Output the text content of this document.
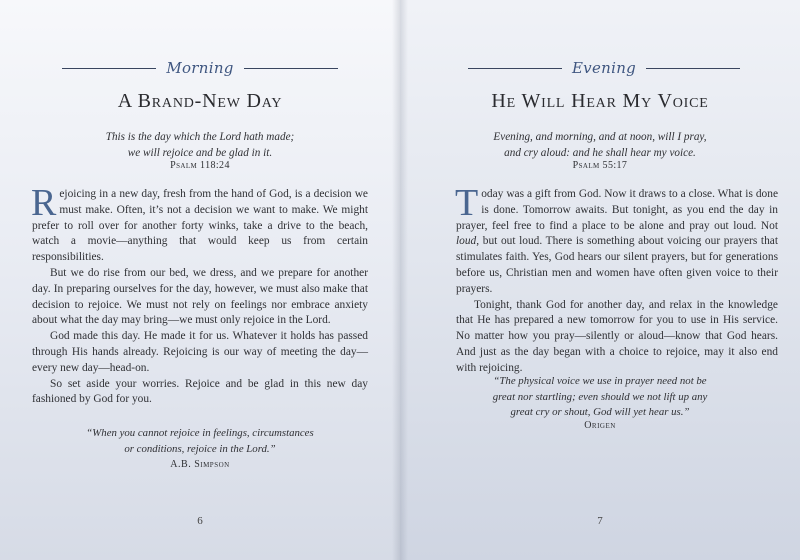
Morning
A Brand-New Day
This is the day which the Lord hath made;
we will rejoice and be glad in it.
Psalm 118:24

Rejoicing in a new day, fresh from the hand of God, is a decision we must make. Often, it’s not a decision we want to make. We might prefer to roll over for another forty winks, take a drive to the beach, watch a movie—anything that would keep us from certain responsibilities.

But we do rise from our bed, we dress, and we prepare for another day. In preparing ourselves for the day, however, we must also make that decision to rejoice. We must not rely on feelings nor embrace anxiety about what the day may bring—we must only rejoice in the Lord.

God made this day. He made it for us. Whatever it holds has passed through His hands already. Rejoicing is our way of meeting the day—every new day—head-on.

So set aside your worries. Rejoice and be glad in this new day fashioned by God for you.

“When you cannot rejoice in feelings, circumstances
or conditions, rejoice in the Lord.”
A.B. Simpson
6
Evening
He Will Hear My Voice
Evening, and morning, and at noon, will I pray,
and cry aloud: and he shall hear my voice.
Psalm 55:17

Today was a gift from God. Now it draws to a close. What is done is done. Tomorrow awaits. But tonight, as you end the day in prayer, feel free to find a place to be alone and pray out loud. Not loud, but out loud. There is something about voicing our prayers that stimulates faith. Yes, God hears our silent prayers, but for generations before us, Christian men and women have often given voice to their prayers.

Tonight, thank God for another day, and relax in the knowledge that He has prepared a new tomorrow for you to use in His service. No matter how you pray—silently or aloud—know that God hears. And just as the day began with a choice to rejoice, may it also end with rejoicing.

“The physical voice we use in prayer need not be
great nor startling; even should we not lift up any
great cry or shout, God will yet hear us.”
Origen
7
